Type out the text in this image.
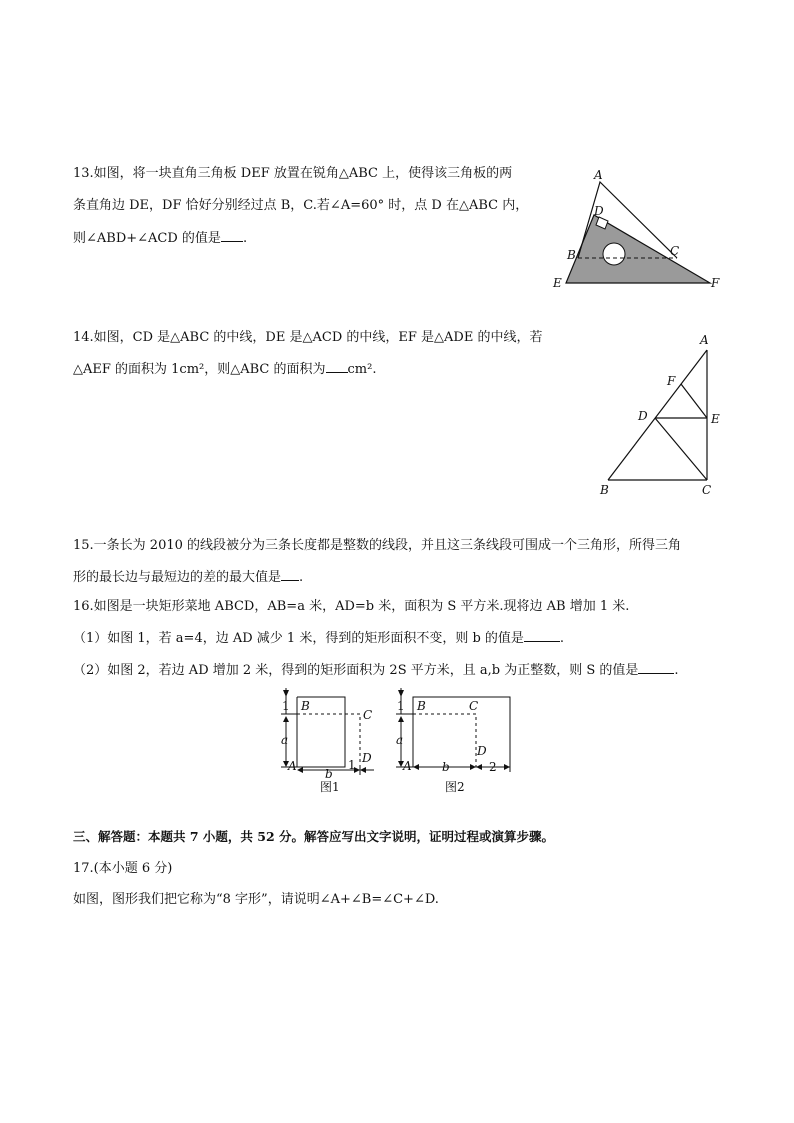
13.如图，将一块直角三角板 DEF 放置在锐角△ABC 上，使得该三角板的两
条直角边 DE，DF 恰好分别经过点 B，C.若∠A=60° 时，点 D 在△ABC 内，
则∠ABD+∠ACD 的值是 .
A
D
B	C
E	F
14.如图，CD 是△ABC 的中线，DE 是△ACD 的中线，EF 是△ADE 的中线，若
△AEF 的面积为 1cm²，则△ABC 的面积为 cm².
A
F
D	E
B	C
15.一条长为 2010 的线段被分为三条长度都是整数的线段，并且这三条线段可围成一个三角形，所得三角
形的最长边与最短边的差的最大值是 .
16.如图是一块矩形菜地 ABCD，AB=a 米，AD=b 米，面积为 S 平方米.现将边 AB 增加 1 米.
（1）如图 1，若 a=4，边 AD 减少 1 米，得到的矩形面积不变，则 b 的值是	.
（2）如图 2，若边 AD 增加 2 米，得到的矩形面积为 2S 平方米，且 a,b 为正整数，则 S 的值是	.
1 B
C
a
D
A
b
1
图1
1 B	C
a
D
A	b	2
图2
三、解答题：本题共 7 小题，共 52 分。解答应写出文字说明，证明过程或演算步骤。
17.(本小题 6 分)
如图，图形我们把它称为“8 字形”，请说明∠A+∠B=∠C+∠D.
